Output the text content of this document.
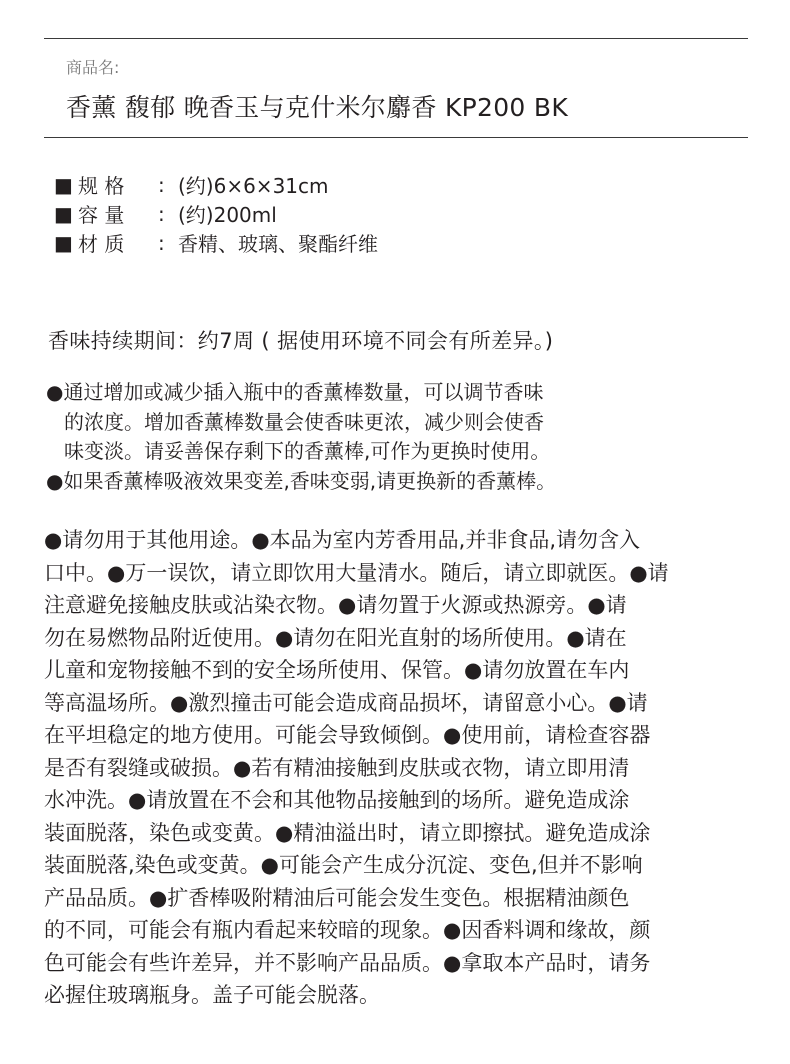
商品名:
香薰 馥郁 晚香玉与克什米尔麝香 KP200 BK
■ 规 格	: (约)6×6×31cm
■ 容 量	: (约)200ml
■ 材 质	: 香精、玻璃、聚酯纤维
香味持续期间：约7周 ( 据使用环境不同会有所差异。)
●通过增加或减少插入瓶中的香薰棒数量，可以调节香味
的浓度。增加香薰棒数量会使香味更浓，减少则会使香
味变淡。请妥善保存剩下的香薰棒,可作为更换时使用。
●如果香薰棒吸液效果变差,香味变弱,请更换新的香薰棒。
●请勿用于其他用途。●本品为室内芳香用品,并非食品,请勿含入
口中。●万一误饮，请立即饮用大量清水。随后，请立即就医。●请
注意避免接触皮肤或沾染衣物。●请勿置于火源或热源旁。●请
勿在易燃物品附近使用。●请勿在阳光直射的场所使用。●请在
儿童和宠物接触不到的安全场所使用、保管。●请勿放置在车内
等高温场所。●激烈撞击可能会造成商品损坏，请留意小心。●请
在平坦稳定的地方使用。可能会导致倾倒。●使用前，请检查容器
是否有裂缝或破损。●若有精油接触到皮肤或衣物，请立即用清
水冲洗。●请放置在不会和其他物品接触到的场所。避免造成涂
装面脱落，染色或变黄。●精油溢出时，请立即擦拭。避免造成涂
装面脱落,染色或变黄。●可能会产生成分沉淀、变色,但并不影响
产品品质。●扩香棒吸附精油后可能会发生变色。根据精油颜色
的不同，可能会有瓶内看起来较暗的现象。●因香料调和缘故，颜
色可能会有些许差异，并不影响产品品质。●拿取本产品时，请务
必握住玻璃瓶身。盖子可能会脱落。
